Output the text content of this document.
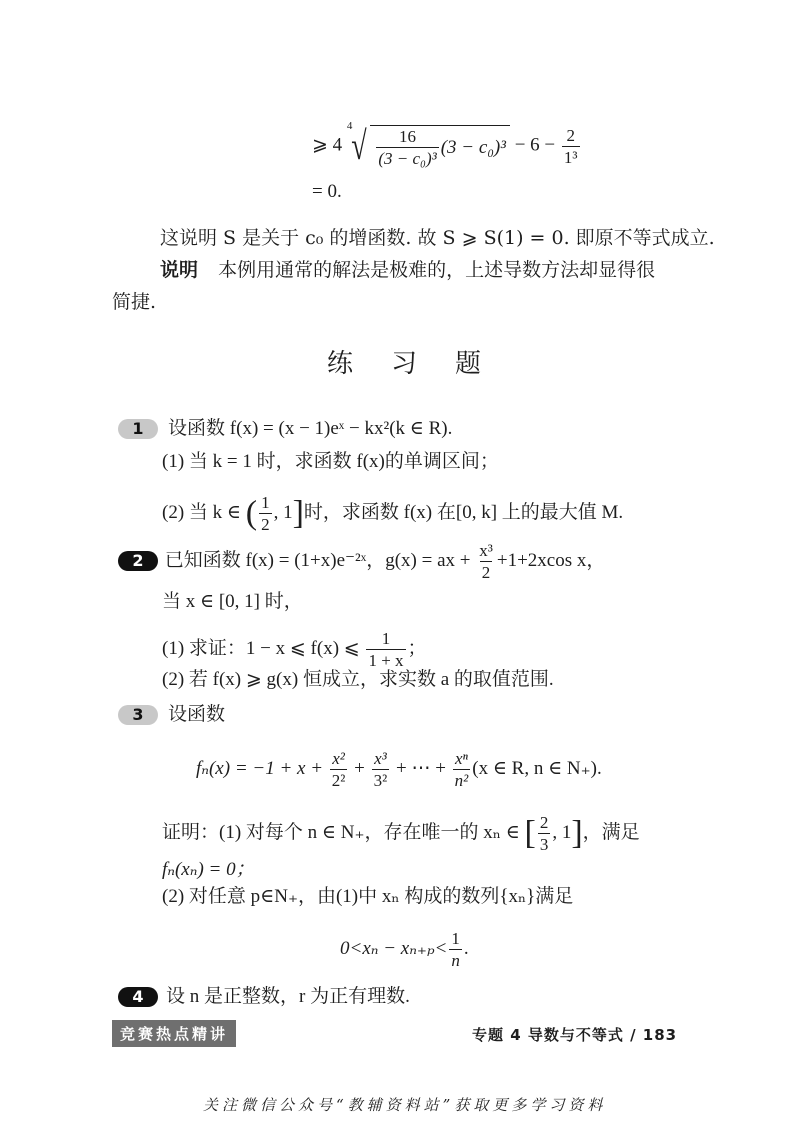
⩾ 4
4 √ $\frac{16}{\text{(3 − c₀)³}} (3 - c_0)^3 - 6 - \frac{2}{\text{1³}}$
= 0.
这说明 S 是关于 c₀ 的增函数. 故 S ⩾ S(1) = 0. 即原不等式成立.
说明 本例用通常的解法是极难的，上述导数方法却显得很
简捷.
练习题
1 设函数 f(x) = (x − 1)eˣ − kx²(k ∈ R).
(1) 当 k = 1 时，求函数 f(x)的单调区间；
(2) 当 k ∈ ( $\frac{1}{2}$ , 1]时，求函数 f(x) 在[0, k] 上的最大值 M.
2 已知函数 f(x) = (1+x)e⁻²ˣ，g(x) = ax + $\frac{\text{x³}}{2} +1+2xcos$ x，
当 x ∈ [0, 1] 时，
(1) 求证：1 − x ⩽ f(x) ⩽ $\frac{1}{1 + x}$ ；
(2) 若 f(x) ⩾ g(x) 恒成立，求实数 a 的取值范围.
3 设函数
$f_n(x) = -1 + x + \frac{\text{x²}}{\text{2²}} + \frac{\text{x³}}{\text{3²}}$ + ⋯ + $\frac{\text{xⁿ}}{\text{n²}} (x$ ∈ R, n ∈ N₊).
证明：(1) 对每个 n ∈ N₊，存在唯一的 xₙ ∈ [ $\frac{2}{3}$ , 1]，满足
fₙ(xₙ) = 0；
(2) 对任意 p∈N₊，由(1)中 xₙ 构成的数列{xₙ}满足
$0<x_n - x_{n+p}< \frac{1}{n}$ .
4 设 n 是正整数，r 为正有理数.
竞赛热点精讲	专题 4 导数与不等式 / 183
关注微信公众号“教辅资料站”获取更多学习资料
